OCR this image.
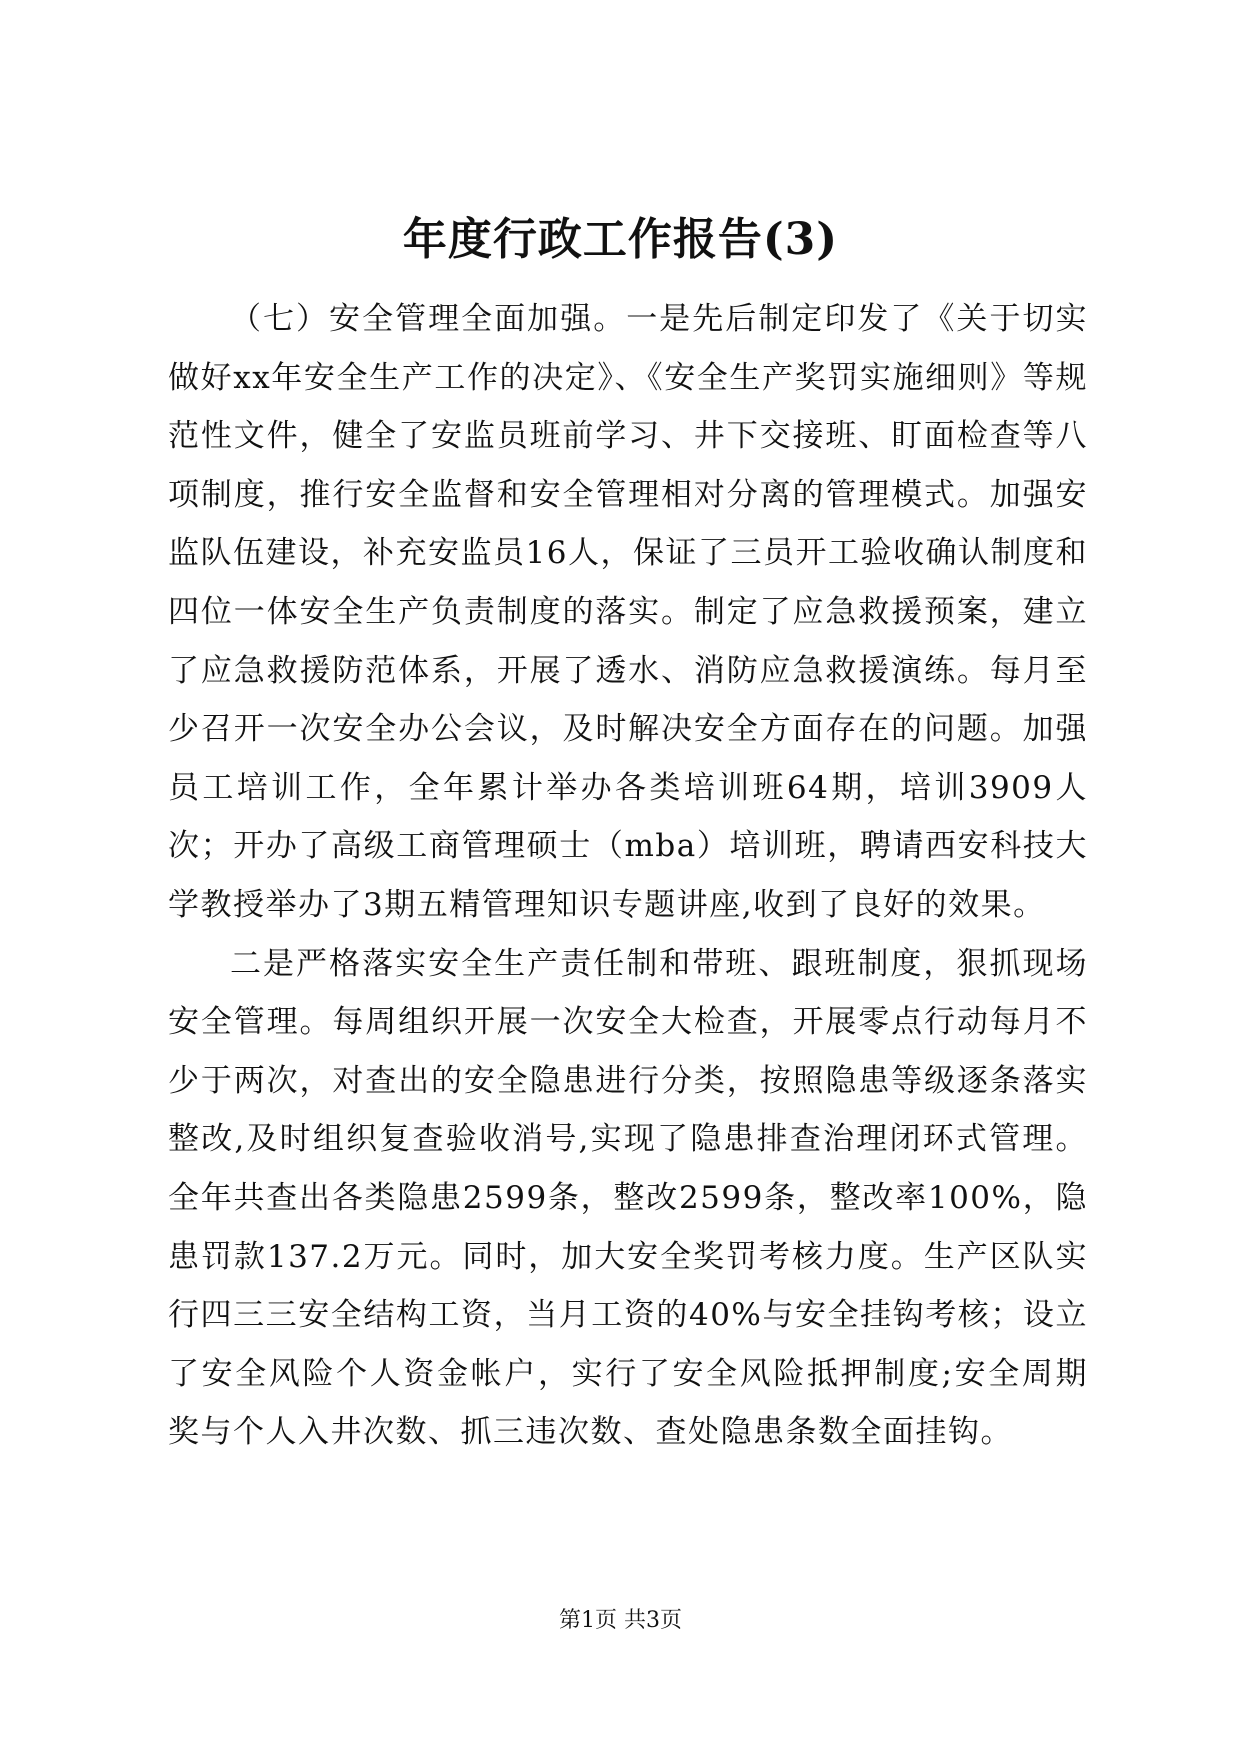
年度行政工作报告(3)

（七）安全管理全面加强。一是先后制定印发了《关于切实做好xx年安全生产工作的决定》、《安全生产奖罚实施细则》等规范性文件，健全了安监员班前学习、井下交接班、盯面检查等八项制度，推行安全监督和安全管理相对分离的管理模式。加强安监队伍建设，补充安监员16人，保证了三员开工验收确认制度和四位一体安全生产负责制度的落实。制定了应急救援预案，建立了应急救援防范体系，开展了透水、消防应急救援演练。每月至少召开一次安全办公会议，及时解决安全方面存在的问题。加强员工培训工作，全年累计举办各类培训班64期，培训3909人次；开办了高级工商管理硕士（mba）培训班，聘请西安科技大学教授举办了3期五精管理知识专题讲座,收到了良好的效果。

二是严格落实安全生产责任制和带班、跟班制度，狠抓现场安全管理。每周组织开展一次安全大检查，开展零点行动每月不少于两次，对查出的安全隐患进行分类，按照隐患等级逐条落实整改,及时组织复查验收消号,实现了隐患排查治理闭环式管理。全年共查出各类隐患2599条，整改2599条，整改率100%，隐患罚款137.2万元。同时，加大安全奖罚考核力度。生产区队实行四三三安全结构工资，当月工资的40%与安全挂钩考核；设立了安全风险个人资金帐户，实行了安全风险抵押制度;安全周期奖与个人入井次数、抓三违次数、查处隐患条数全面挂钩。

第1页 共3页
